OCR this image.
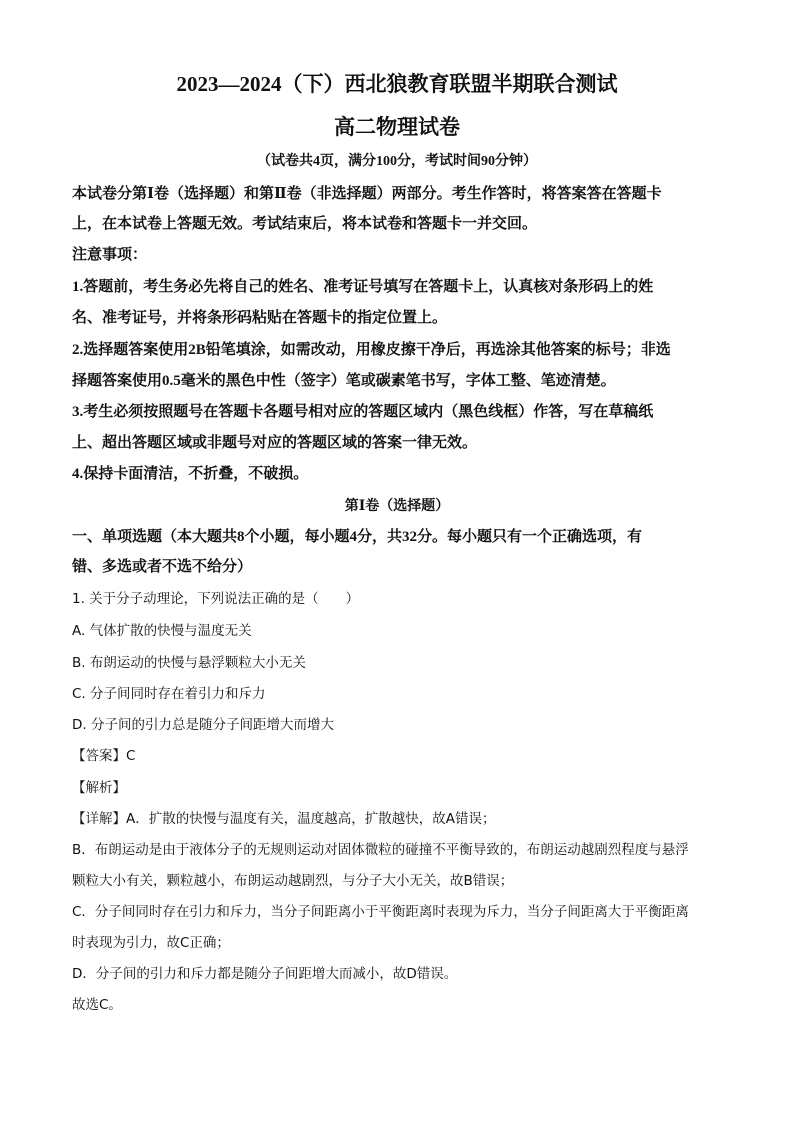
2023—2024（下）西北狼教育联盟半期联合测试
高二物理试卷
（试卷共4页，满分100分，考试时间90分钟）
本试卷分第Ⅰ卷（选择题）和第Ⅱ卷（非选择题）两部分。考生作答时，将答案答在答题卡
上，在本试卷上答题无效。考试结束后，将本试卷和答题卡一并交回。
注意事项：
1.答题前，考生务必先将自己的姓名、准考证号填写在答题卡上，认真核对条形码上的姓
名、准考证号，并将条形码粘贴在答题卡的指定位置上。
2.选择题答案使用2B铅笔填涂，如需改动，用橡皮擦干净后，再选涂其他答案的标号；非选
择题答案使用0.5毫米的黑色中性（签字）笔或碳素笔书写，字体工整、笔迹清楚。
3.考生必须按照题号在答题卡各题号相对应的答题区域内（黑色线框）作答，写在草稿纸
上、超出答题区域或非题号对应的答题区域的答案一律无效。
4.保持卡面清洁，不折叠，不破损。
第Ⅰ卷（选择题）
一、单项选题（本大题共8个小题，每小题4分，共32分。每小题只有一个正确选项，有
错、多选或者不选不给分）
1. 关于分子动理论，下列说法正确的是（　　）
A. 气体扩散的快慢与温度无关
B. 布朗运动的快慢与悬浮颗粒大小无关
C. 分子间同时存在着引力和斥力
D. 分子间的引力总是随分子间距增大而增大
【答案】C
【解析】
【详解】A．扩散的快慢与温度有关，温度越高，扩散越快，故A错误；
B．布朗运动是由于液体分子的无规则运动对固体微粒的碰撞不平衡导致的，布朗运动越剧烈程度与悬浮
颗粒大小有关，颗粒越小，布朗运动越剧烈，与分子大小无关，故B错误；
C．分子间同时存在引力和斥力，当分子间距离小于平衡距离时表现为斥力，当分子间距离大于平衡距离
时表现为引力，故C正确；
D．分子间的引力和斥力都是随分子间距增大而减小，故D错误。
故选C。
